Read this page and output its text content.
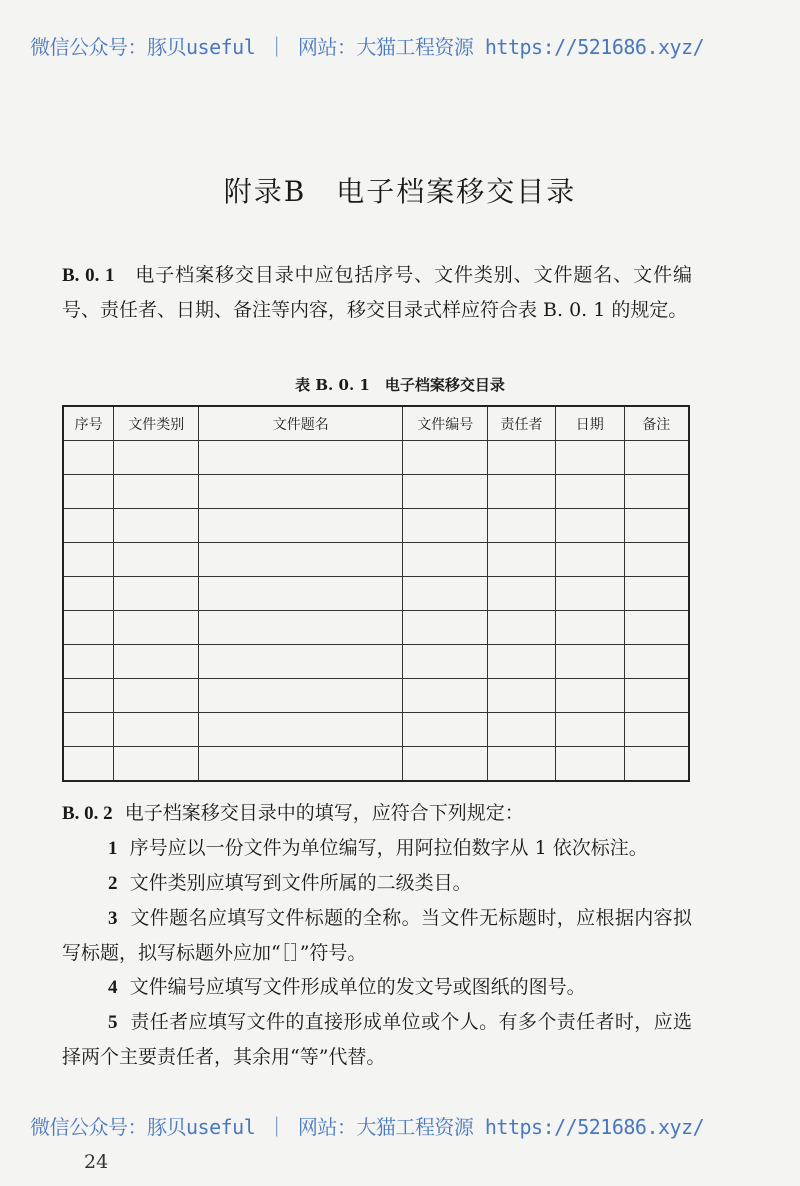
微信公众号：豚贝useful ｜ 网站：大猫工程资源 https://521686.xyz/
附录B　电子档案移交目录
B. 0. 1 电子档案移交目录中应包括序号、文件类别、文件题名、文件编号、责任者、日期、备注等内容，移交目录式样应符合表 B. 0. 1 的规定。
表 B. 0. 1　电子档案移交目录
序号	文件类别	文件题名	文件编号	责任者	日期	备注

B. 0. 2 电子档案移交目录中的填写，应符合下列规定：
1 序号应以一份文件为单位编写，用阿拉伯数字从 1 依次标注。
2 文件类别应填写到文件所属的二级类目。
3 文件题名应填写文件标题的全称。当文件无标题时，应根据内容拟写标题，拟写标题外应加“［］”符号。
4 文件编号应填写文件形成单位的发文号或图纸的图号。
5 责任者应填写文件的直接形成单位或个人。有多个责任者时，应选择两个主要责任者，其余用“等”代替。
微信公众号：豚贝useful ｜ 网站：大猫工程资源 https://521686.xyz/
24
